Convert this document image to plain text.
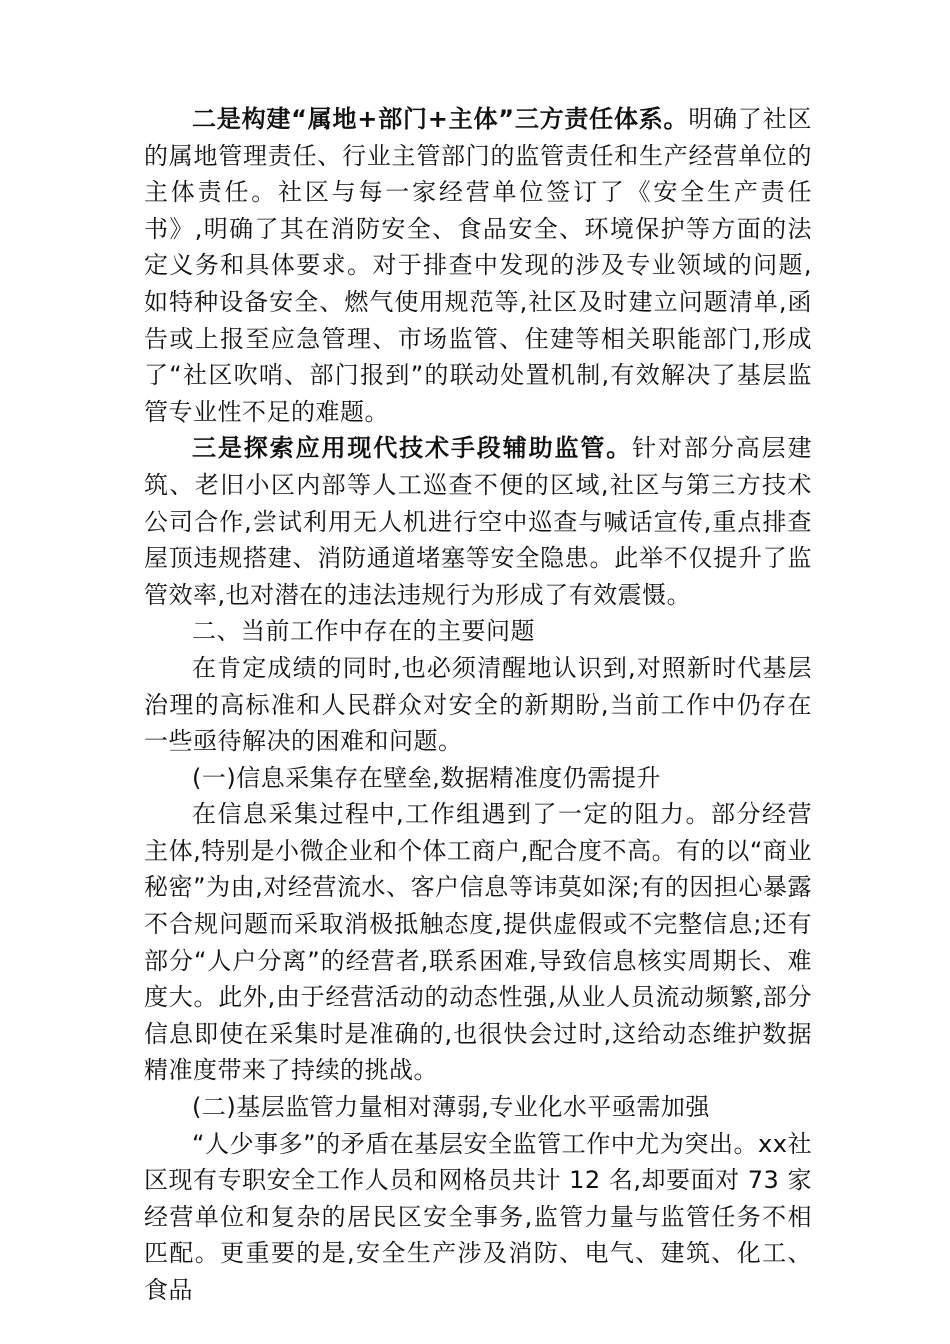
二是构建“属地+部门+主体”三方责任体系。明确了社区的属地管理责任、行业主管部门的监管责任和生产经营单位的主体责任。社区与每一家经营单位签订了《安全生产责任书》,明确了其在消防安全、食品安全、环境保护等方面的法定义务和具体要求。对于排查中发现的涉及专业领域的问题,如特种设备安全、燃气使用规范等,社区及时建立问题清单,函告或上报至应急管理、市场监管、住建等相关职能部门,形成了“社区吹哨、部门报到”的联动处置机制,有效解决了基层监管专业性不足的难题。

三是探索应用现代技术手段辅助监管。针对部分高层建筑、老旧小区内部等人工巡查不便的区域,社区与第三方技术公司合作,尝试利用无人机进行空中巡查与喊话宣传,重点排查屋顶违规搭建、消防通道堵塞等安全隐患。此举不仅提升了监管效率,也对潜在的违法违规行为形成了有效震慑。

二、当前工作中存在的主要问题

在肯定成绩的同时,也必须清醒地认识到,对照新时代基层治理的高标准和人民群众对安全的新期盼,当前工作中仍存在一些亟待解决的困难和问题。

(一)信息采集存在壁垒,数据精准度仍需提升

在信息采集过程中,工作组遇到了一定的阻力。部分经营主体,特别是小微企业和个体工商户,配合度不高。有的以“商业秘密”为由,对经营流水、客户信息等讳莫如深;有的因担心暴露不合规问题而采取消极抵触态度,提供虚假或不完整信息;还有部分“人户分离”的经营者,联系困难,导致信息核实周期长、难度大。此外,由于经营活动的动态性强,从业人员流动频繁,部分信息即使在采集时是准确的,也很快会过时,这给动态维护数据精准度带来了持续的挑战。

(二)基层监管力量相对薄弱,专业化水平亟需加强

“人少事多”的矛盾在基层安全监管工作中尤为突出。xx社区现有专职安全工作人员和网格员共计 12 名,却要面对 73 家经营单位和复杂的居民区安全事务,监管力量与监管任务不相匹配。更重要的是,安全生产涉及消防、电气、建筑、化工、食品
